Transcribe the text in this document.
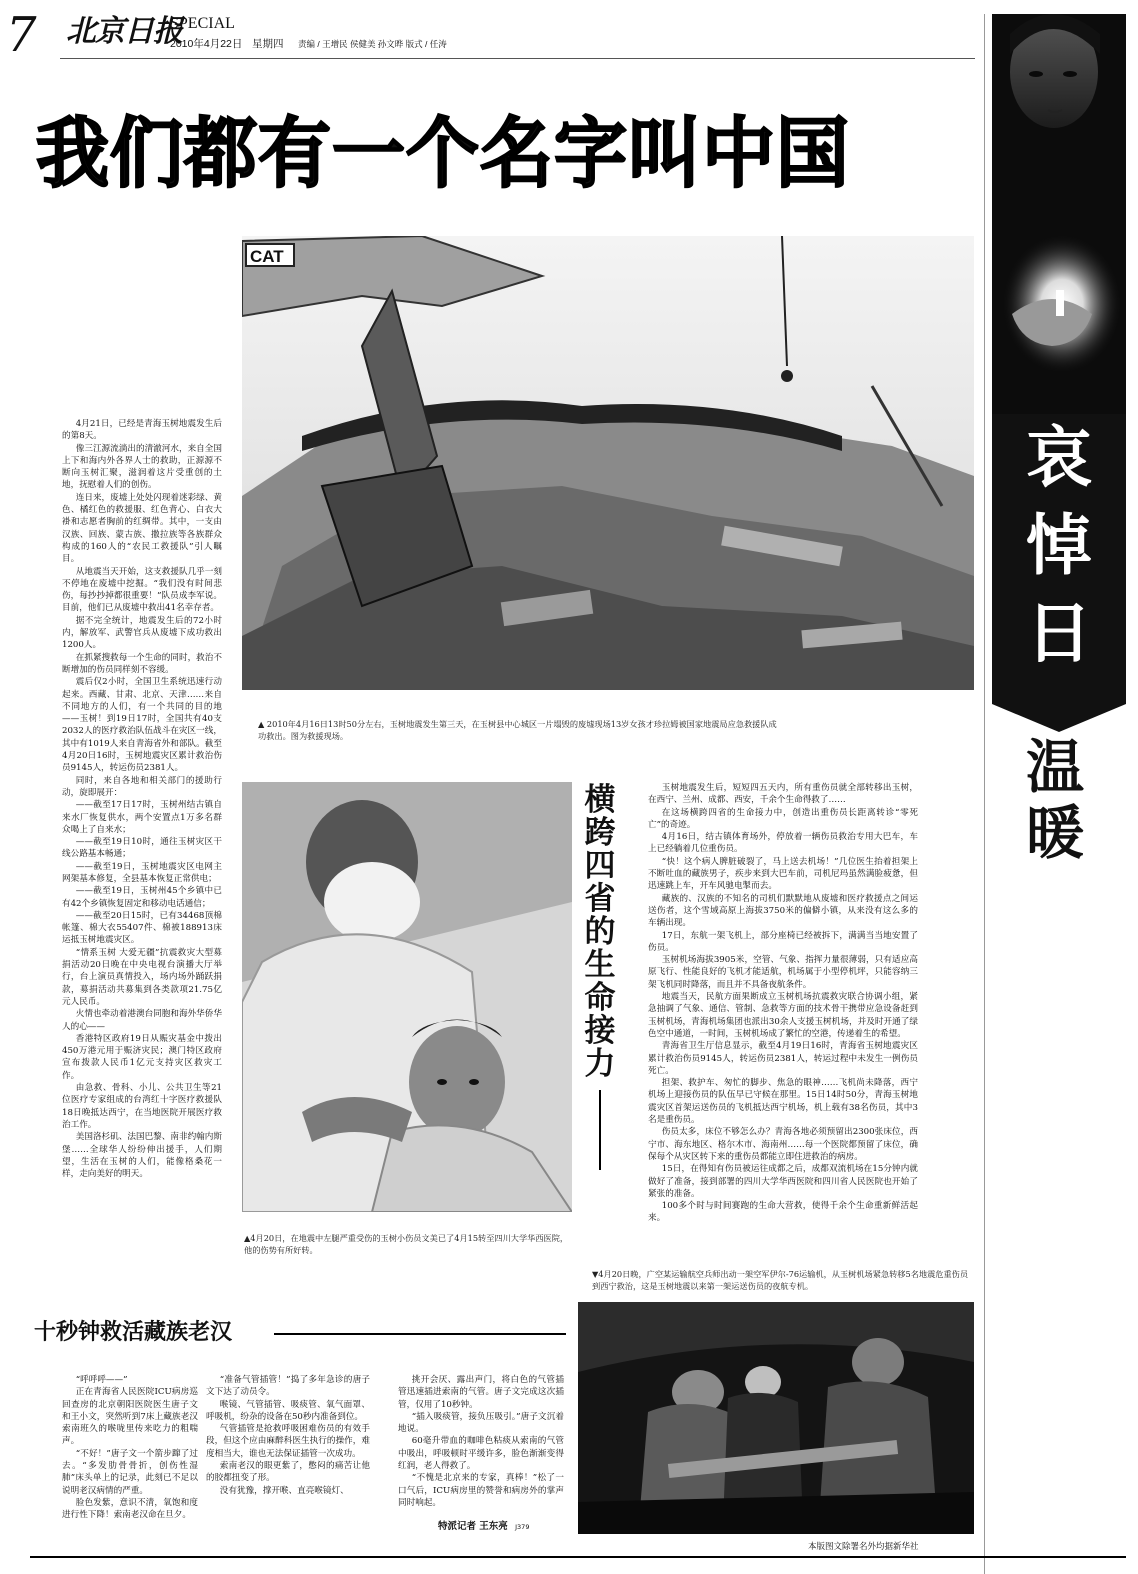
7 北京日报
SPECIAL
2010年4月22日 星期四 责编 / 王增民 侯健美 孙文晔 版式 / 任涛
我们都有一个名字叫中国
哀
悼
日
温
暖
CAT
▲ 2010年4月16日13时50分左右，玉树地震发生第三天，在玉树县中心城区一片塌毁的废墟现场13岁女孩才珍拉姆被国家地震局应急救援队成功救出。图为救援现场。

4月21日，已经是青海玉树地震发生后的第8天。

像三江源流淌出的清澈河水，来自全国上下和海内外各界人士的救助，正源源不断向玉树汇聚，滋润着这片受重创的土地，抚慰着人们的创伤。

连日来，废墟上处处闪现着迷彩绿、黄色、橘红色的救援服、红色背心、白衣大褂和志愿者胸前的红绸带。其中，一支由汉族、回族、蒙古族、撒拉族等各族群众构成的160人的“农民工救援队”引人瞩目。

从地震当天开始，这支救援队几乎一刻不停地在废墟中挖掘。“我们没有时间悲伤，每抄抄掉都很重要！”队员成李军说。目前，他们已从废墟中救出41名幸存者。

据不完全统计，地震发生后的72小时内，解放军、武警官兵从废墟下成功救出1200人。

在抓紧搜救每一个生命的同时，救治不断增加的伤员同样刻不容缓。

震后仅2小时，全国卫生系统迅速行动起来。西藏、甘肃、北京、天津……来自不同地方的人们，有一个共同的目的地——玉树！到19日17时，全国共有40支2032人的医疗救治队伍战斗在灾区一线，其中有1019人来自青海省外和部队。截至4月20日16时，玉树地震灾区累计救治伤员9145人，转运伤员2381人。

同时，来自各地和相关部门的援助行动，旋即展开：

——截至17日17时，玉树州结古镇自来水厂恢复供水，两个安置点1万多名群众喝上了自来水；

——截至19日10时，通往玉树灾区干线公路基本畅通；

——截至19日，玉树地震灾区电网主网架基本修复，全县基本恢复正常供电；

——截至19日，玉树州45个乡镇中已有42个乡镇恢复固定和移动电话通信；

——截至20日15时，已有34468顶棉帐篷、棉大衣55407件、棉被188913床运抵玉树地震灾区。

“情系玉树 大爱无疆”抗震救灾大型募捐活动20日晚在中央电视台演播大厅举行，台上演员真情投入，场内场外踊跃捐款，募捐活动共募集到各类款项21.75亿元人民币。

火情也牵动着港澳台同胞和海外华侨华人的心——

香港特区政府19日从赈灾基金中拨出450万港元用于赈济灾民；澳门特区政府宣布拨款人民币1亿元支持灾区救灾工作。

由急救、骨科、小儿、公共卫生等21位医疗专家组成的台湾红十字医疗救援队18日晚抵达西宁，在当地医院开展医疗救治工作。

美国洛杉矶、法国巴黎、南非约翰内斯堡……全球华人纷纷伸出援手，人们期望，生活在玉树的人们，能像格桑花一样，走向美好的明天。

▲4月20日，在地震中左腿严重受伤的玉树小伤员文美已了4月15转至四川大学华西医院，他的伤势有所好转。
横
跨
四
省
的
生
命
接
力

玉树地震发生后，短短四五天内，所有重伤员就全部转移出玉树，在西宁、兰州、成都、西安，千余个生命得救了……

在这场横跨四省的生命接力中，创造出重伤员长距离转诊“零死亡”的奇迹。

4月16日，结古镇体育场外，停放着一辆伤员救治专用大巴车，车上已经躺着几位重伤员。

“快！这个病人脾脏破裂了，马上送去机场！”几位医生抬着担架上不断吐血的藏族男子，疾步来到大巴车前，司机尼玛虽然满脸疲惫，但迅速跳上车，开车风驰电掣而去。

藏族的、汉族的不知名的司机们默默地从废墟和医疗救援点之间运送伤者，这个雪域高原上海拔3750米的偏僻小镇，从来没有这么多的车辆出现。

17日，东航一架飞机上，部分座椅已经被拆下，满满当当地安置了伤员。

玉树机场海拔3905米，空管、气象、指挥力量很薄弱，只有适应高原飞行、性能良好的飞机才能适航，机场属于小型停机坪，只能容纳三架飞机同时降落，而且并不具备夜航条件。

地震当天，民航方面果断成立玉树机场抗震救灾联合协调小组，紧急抽调了气象、通信、管制、急救等方面的技术骨干携带应急设备赶到玉树机场，青海机场集团也派出30余人支援玉树机场，并及时开通了绿色空中通道，一时间，玉树机场成了繁忙的空港，传递着生的希望。

青海省卫生厅信息显示，截至4月19日16时，青海省玉树地震灾区累计救治伤员9145人，转运伤员2381人，转运过程中未发生一例伤员死亡。

担架、救护车、匆忙的脚步、焦急的眼神……飞机尚未降落，西宁机场上迎接伤员的队伍早已守候在那里。15日14时50分，青海玉树地震灾区首架运送伤员的飞机抵达西宁机场，机上载有38名伤员，其中3名是重伤员。

伤员太多，床位不够怎么办？青海各地必须预留出2300张床位，西宁市、海东地区、格尔木市、海南州……每一个医院都预留了床位，确保每个从灾区转下来的重伤员都能立即住进救治的病房。

15日，在得知有伤员被运往成都之后，成都双流机场在15分钟内就做好了准备，接到部署的四川大学华西医院和四川省人民医院也开始了紧张的准备。

100多个时与时间赛跑的生命大营救，使得千余个生命重新鲜活起来。

▼4月20日晚，广空某运输航空兵师出动一架空军伊尔-76运输机，从玉树机场紧急转移5名地震危重伤员到西宁救治，这是玉树地震以来第一架运送伤员的夜航专机。
本版图文除署名外均据新华社
十秒钟救活藏族老汉

“呼呼呼——”

正在青海省人民医院ICU病房巡回查房的北京朝阳医院医生唐子文和王小文，突然听到7床上藏族老汉索南班久的喉咙里传来吃力的粗喘声。

“不好！”唐子文一个箭步蹿了过去。“多发肋骨骨折，创伤性湿肺”床头单上的记录，此刻已不足以说明老汉病情的严重。

脸色发紫，意识不清，氧饱和度进行性下降！索南老汉命在旦夕。

“准备气管插管！”捣了多年急诊的唐子文下达了动员令。

喉镜、气管插管、吸痰管、氧气面罩、呼吸机，纷杂的设备在50秒内准备到位。

气管插管是抢救呼吸困难伤员的有效手段，但这个应由麻醉科医生执行的操作，难度相当大，谁也无法保证插管一次成功。

索南老汉的眼更紫了，憋闷的痛苦让他的胶都扭变了形。

没有犹豫，撑开喉、直亮喉镜灯、

挑开会厌、露出声门，将白色的气管插管迅速插进索南的气管。唐子文完成这次插管，仅用了10秒钟。

“插入吸痰管，接负压吸引。”唐子文沉着地说。

60毫升带血的咖啡色粘痰从索南的气管中吸出，呼吸顿时平缓许多，脸色渐渐变得红润，老人得救了。

“不愧是北京来的专家，真棒！”松了一口气后，ICU病房里的赞誉和病房外的掌声同时响起。

特派记者 王东亮 J379
